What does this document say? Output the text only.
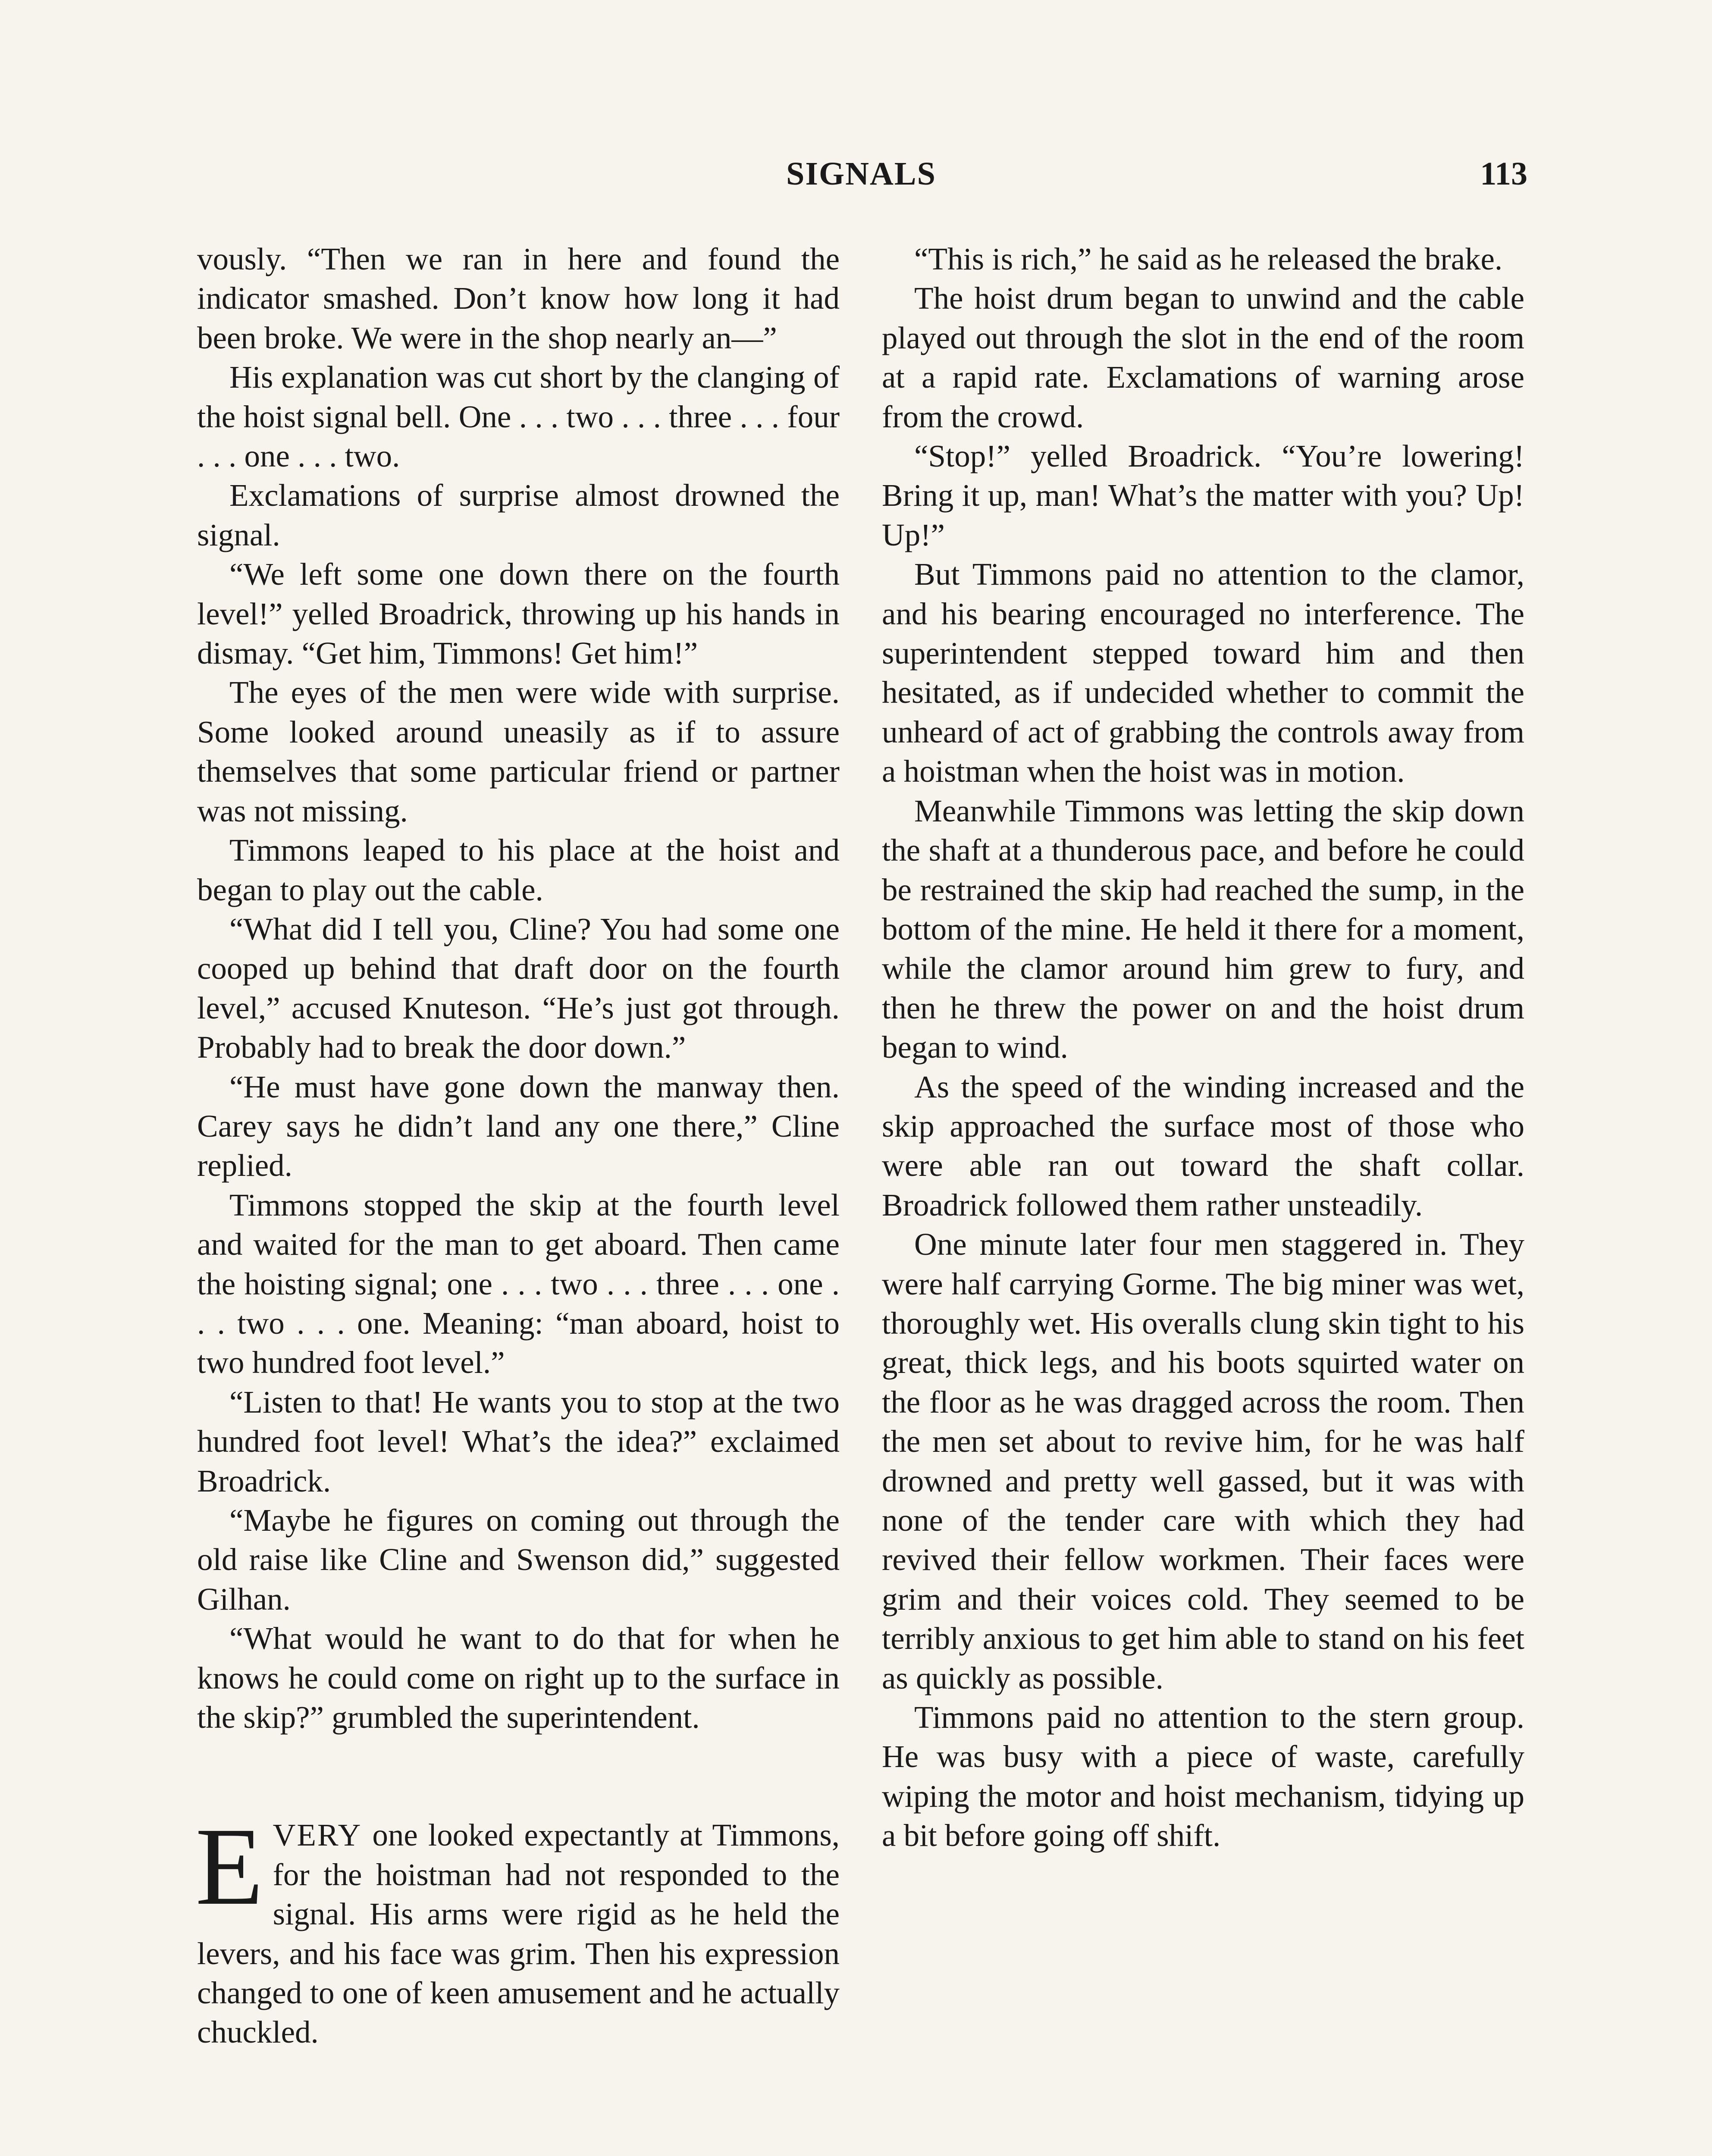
SIGNALS	113

vously. “Then we ran in here and found the indicator smashed. Don’t know how long it had been broke. We were in the shop nearly an—”

His explanation was cut short by the clanging of the hoist signal bell. One . . . two . . . three . . . four . . . one . . . two.

Exclamations of surprise almost drowned the signal.

“We left some one down there on the fourth level!” yelled Broadrick, throwing up his hands in dismay. “Get him, Timmons! Get him!”

The eyes of the men were wide with surprise. Some looked around uneasily as if to assure themselves that some particular friend or partner was not missing.

Timmons leaped to his place at the hoist and began to play out the cable.

“What did I tell you, Cline? You had some one cooped up behind that draft door on the fourth level,” accused Knuteson. “He’s just got through. Probably had to break the door down.”

“He must have gone down the manway then. Carey says he didn’t land any one there,” Cline replied.

Timmons stopped the skip at the fourth level and waited for the man to get aboard. Then came the hoisting signal; one . . . two . . . three . . . one . . . two . . . one. Meaning: “man aboard, hoist to two hundred foot level.”

“Listen to that! He wants you to stop at the two hundred foot level! What’s the idea?” exclaimed Broadrick.

“Maybe he figures on coming out through the old raise like Cline and Swenson did,” suggested Gilhan.

“What would he want to do that for when he knows he could come on right up to the surface in the skip?” grumbled the superintendent.

EVERY one looked expectantly at Timmons, for the hoistman had not responded to the signal. His arms were rigid as he held the levers, and his face was grim. Then his expression changed to one of keen amusement and he actually chuckled.

“This is rich,” he said as he released the brake.

The hoist drum began to unwind and the cable played out through the slot in the end of the room at a rapid rate. Exclamations of warning arose from the crowd.

“Stop!” yelled Broadrick. “You’re lowering! Bring it up, man! What’s the matter with you? Up! Up!”

But Timmons paid no attention to the clamor, and his bearing encouraged no interference. The superintendent stepped toward him and then hesitated, as if undecided whether to commit the unheard of act of grabbing the controls away from a hoistman when the hoist was in motion.

Meanwhile Timmons was letting the skip down the shaft at a thunderous pace, and before he could be restrained the skip had reached the sump, in the bottom of the mine. He held it there for a moment, while the clamor around him grew to fury, and then he threw the power on and the hoist drum began to wind.

As the speed of the winding increased and the skip approached the surface most of those who were able ran out toward the shaft collar. Broadrick followed them rather unsteadily.

One minute later four men staggered in. They were half carrying Gorme. The big miner was wet, thoroughly wet. His overalls clung skin tight to his great, thick legs, and his boots squirted water on the floor as he was dragged across the room. Then the men set about to revive him, for he was half drowned and pretty well gassed, but it was with none of the tender care with which they had revived their fellow workmen. Their faces were grim and their voices cold. They seemed to be terribly anxious to get him able to stand on his feet as quickly as possible.

Timmons paid no attention to the stern group. He was busy with a piece of waste, carefully wiping the motor and hoist mechanism, tidying up a bit before going off shift.
